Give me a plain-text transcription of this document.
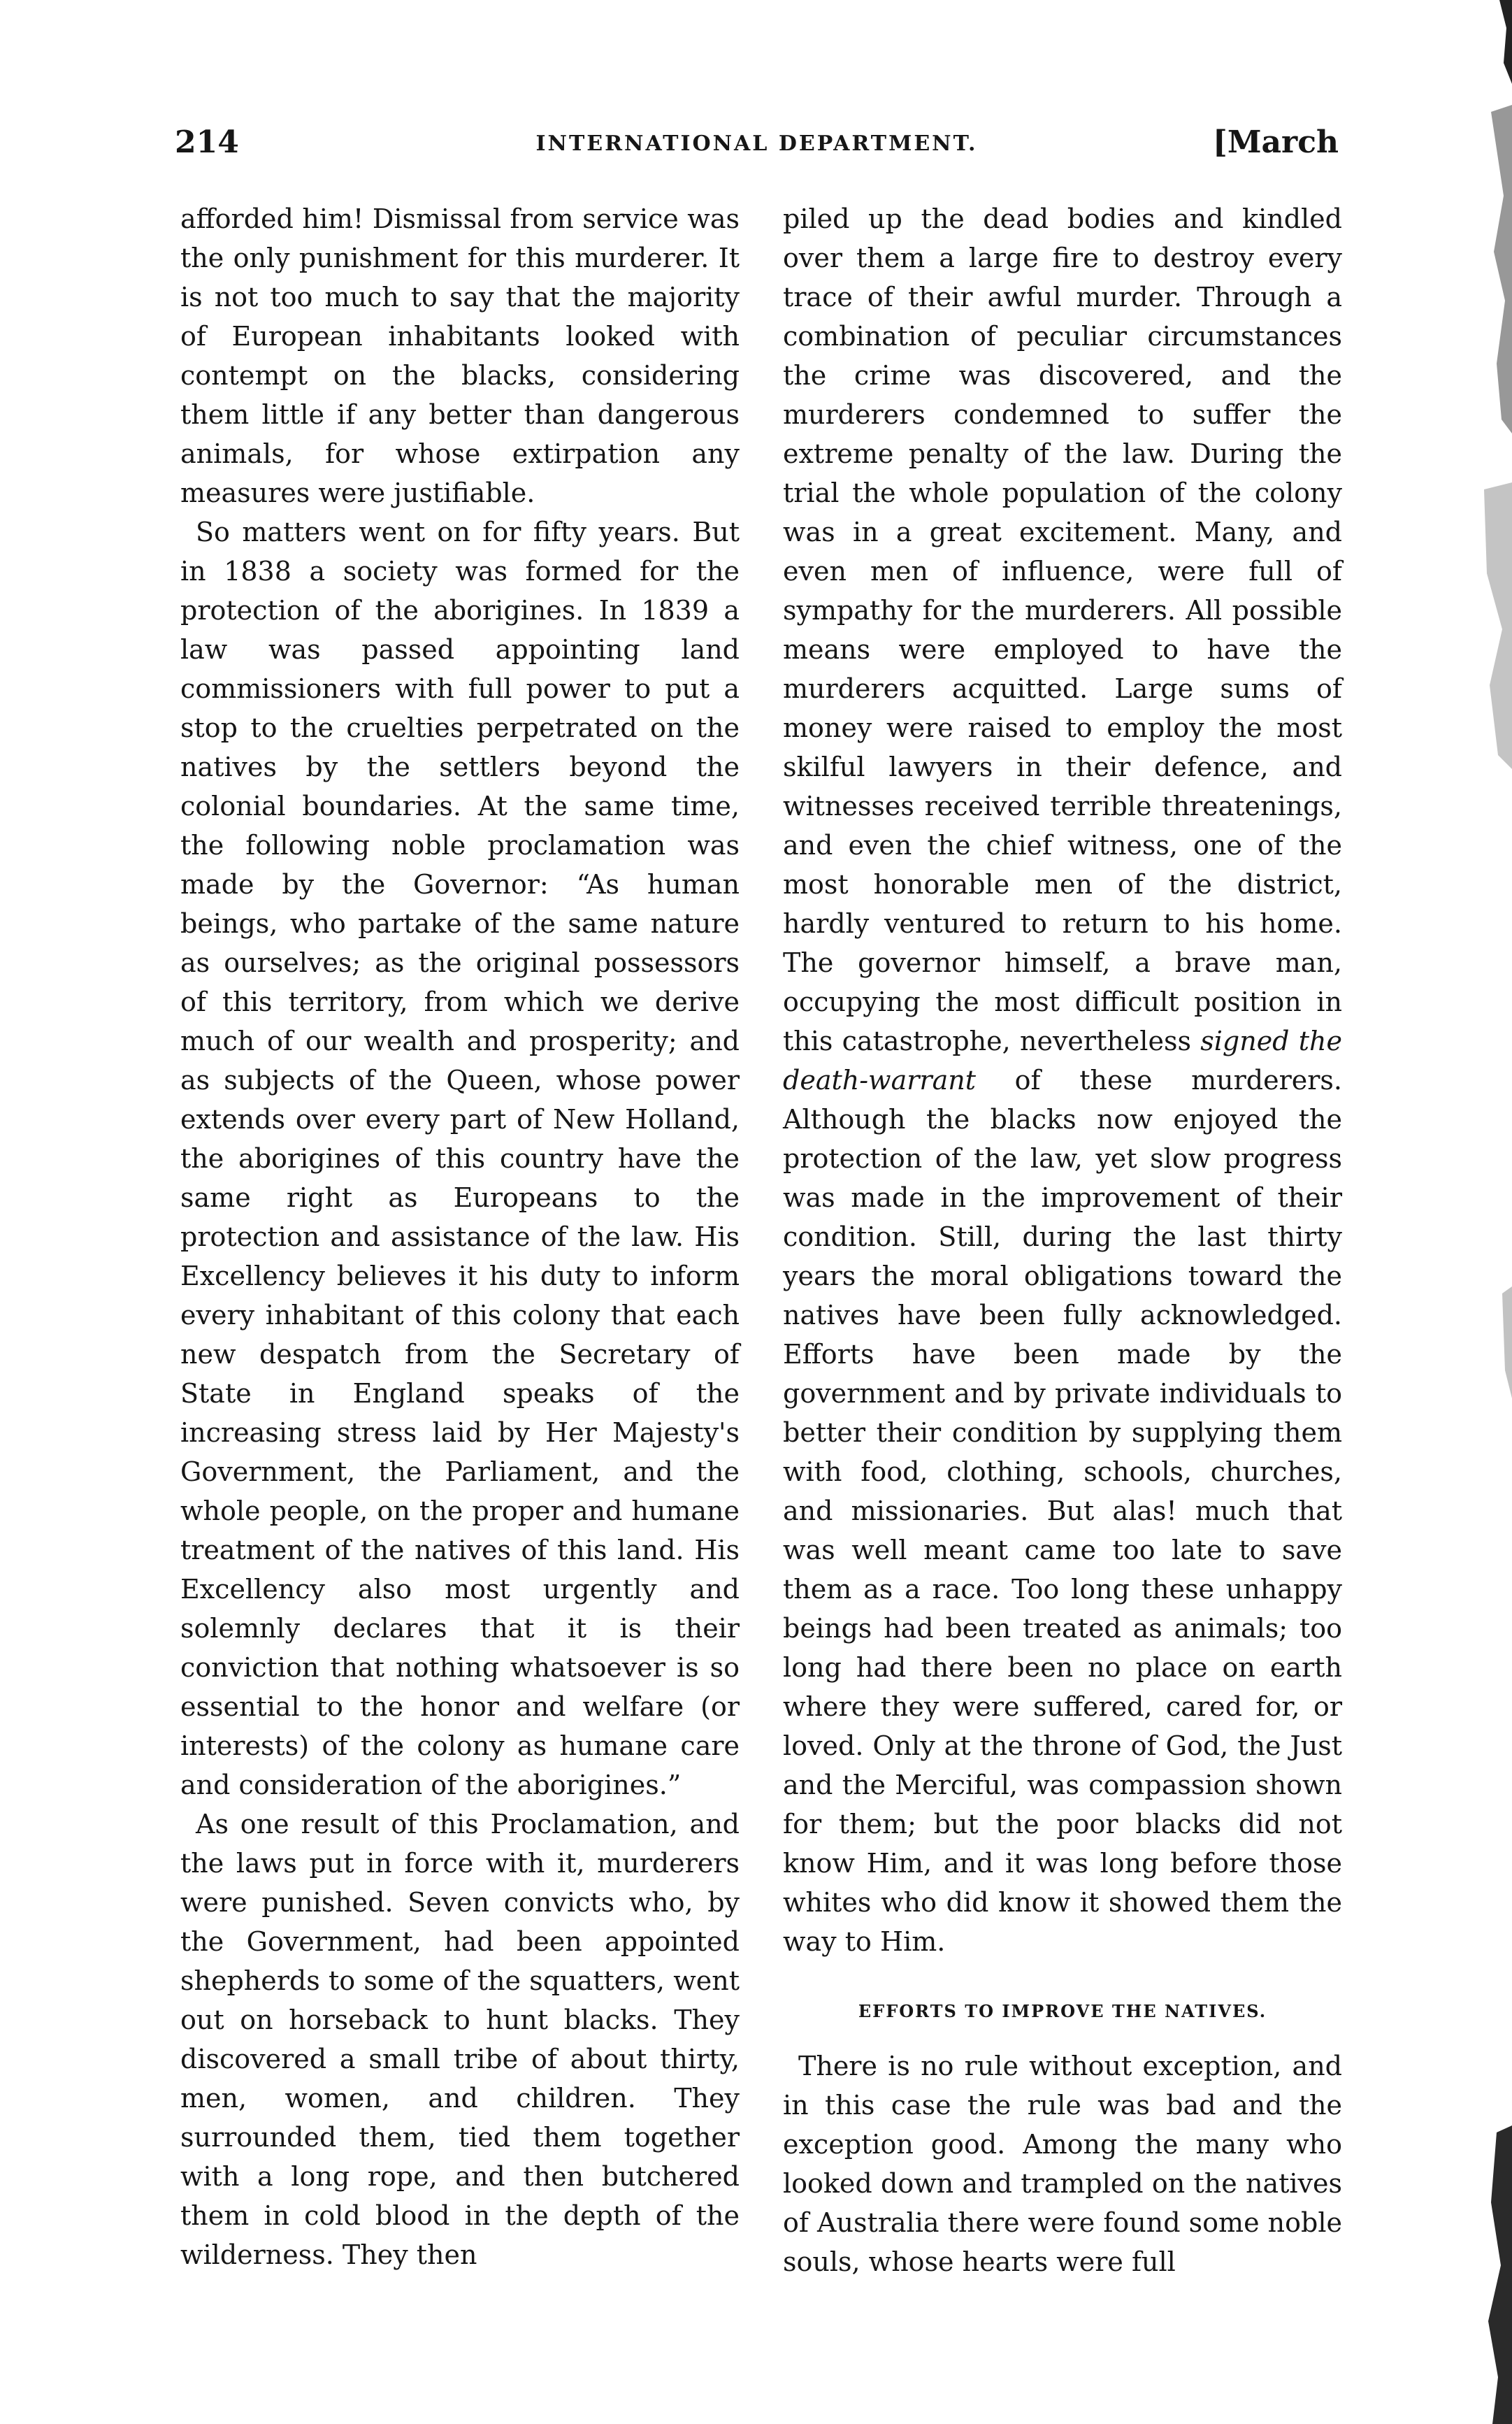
214	INTERNATIONAL DEPARTMENT.	[March

afforded him! Dismissal from service was the only punishment for this murderer. It is not too much to say that the majority of European inhabitants looked with contempt on the blacks, considering them little if any better than dangerous animals, for whose extirpation any measures were justifiable.

So matters went on for fifty years. But in 1838 a society was formed for the protection of the aborigines. In 1839 a law was passed appointing land commissioners with full power to put a stop to the cruelties perpetrated on the natives by the settlers beyond the colonial boundaries. At the same time, the following noble proclamation was made by the Governor: “As human beings, who partake of the same nature as ourselves; as the original possessors of this territory, from which we derive much of our wealth and prosperity; and as subjects of the Queen, whose power extends over every part of New Holland, the aborigines of this country have the same right as Europeans to the protection and assistance of the law. His Excellency believes it his duty to inform every inhabitant of this colony that each new despatch from the Secretary of State in England speaks of the increasing stress laid by Her Majesty's Government, the Parliament, and the whole people, on the proper and humane treatment of the natives of this land. His Excellency also most urgently and solemnly declares that it is their conviction that nothing whatsoever is so essential to the honor and welfare (or interests) of the colony as humane care and consideration of the aborigines.”

As one result of this Proclamation, and the laws put in force with it, murderers were punished. Seven convicts who, by the Government, had been appointed shepherds to some of the squatters, went out on horseback to hunt blacks. They discovered a small tribe of about thirty, men, women, and children. They surrounded them, tied them together with a long rope, and then butchered them in cold blood in the depth of the wilderness. They then

piled up the dead bodies and kindled over them a large fire to destroy every trace of their awful murder. Through a combination of peculiar circumstances the crime was discovered, and the murderers condemned to suffer the extreme penalty of the law. During the trial the whole population of the colony was in a great excitement. Many, and even men of influence, were full of sympathy for the murderers. All possible means were employed to have the murderers acquitted. Large sums of money were raised to employ the most skilful lawyers in their defence, and witnesses received terrible threatenings, and even the chief witness, one of the most honorable men of the district, hardly ventured to return to his home. The governor himself, a brave man, occupying the most difficult position in this catastrophe, nevertheless signed the death-warrant of these murderers. Although the blacks now enjoyed the protection of the law, yet slow progress was made in the improvement of their condition. Still, during the last thirty years the moral obligations toward the natives have been fully acknowledged. Efforts have been made by the government and by private individuals to better their condition by supplying them with food, clothing, schools, churches, and missionaries. But alas! much that was well meant came too late to save them as a race. Too long these unhappy beings had been treated as animals; too long had there been no place on earth where they were suffered, cared for, or loved. Only at the throne of God, the Just and the Merciful, was compassion shown for them; but the poor blacks did not know Him, and it was long before those whites who did know it showed them the way to Him.

EFFORTS TO IMPROVE THE NATIVES.

There is no rule without exception, and in this case the rule was bad and the exception good. Among the many who looked down and trampled on the natives of Australia there were found some noble souls, whose hearts were full
